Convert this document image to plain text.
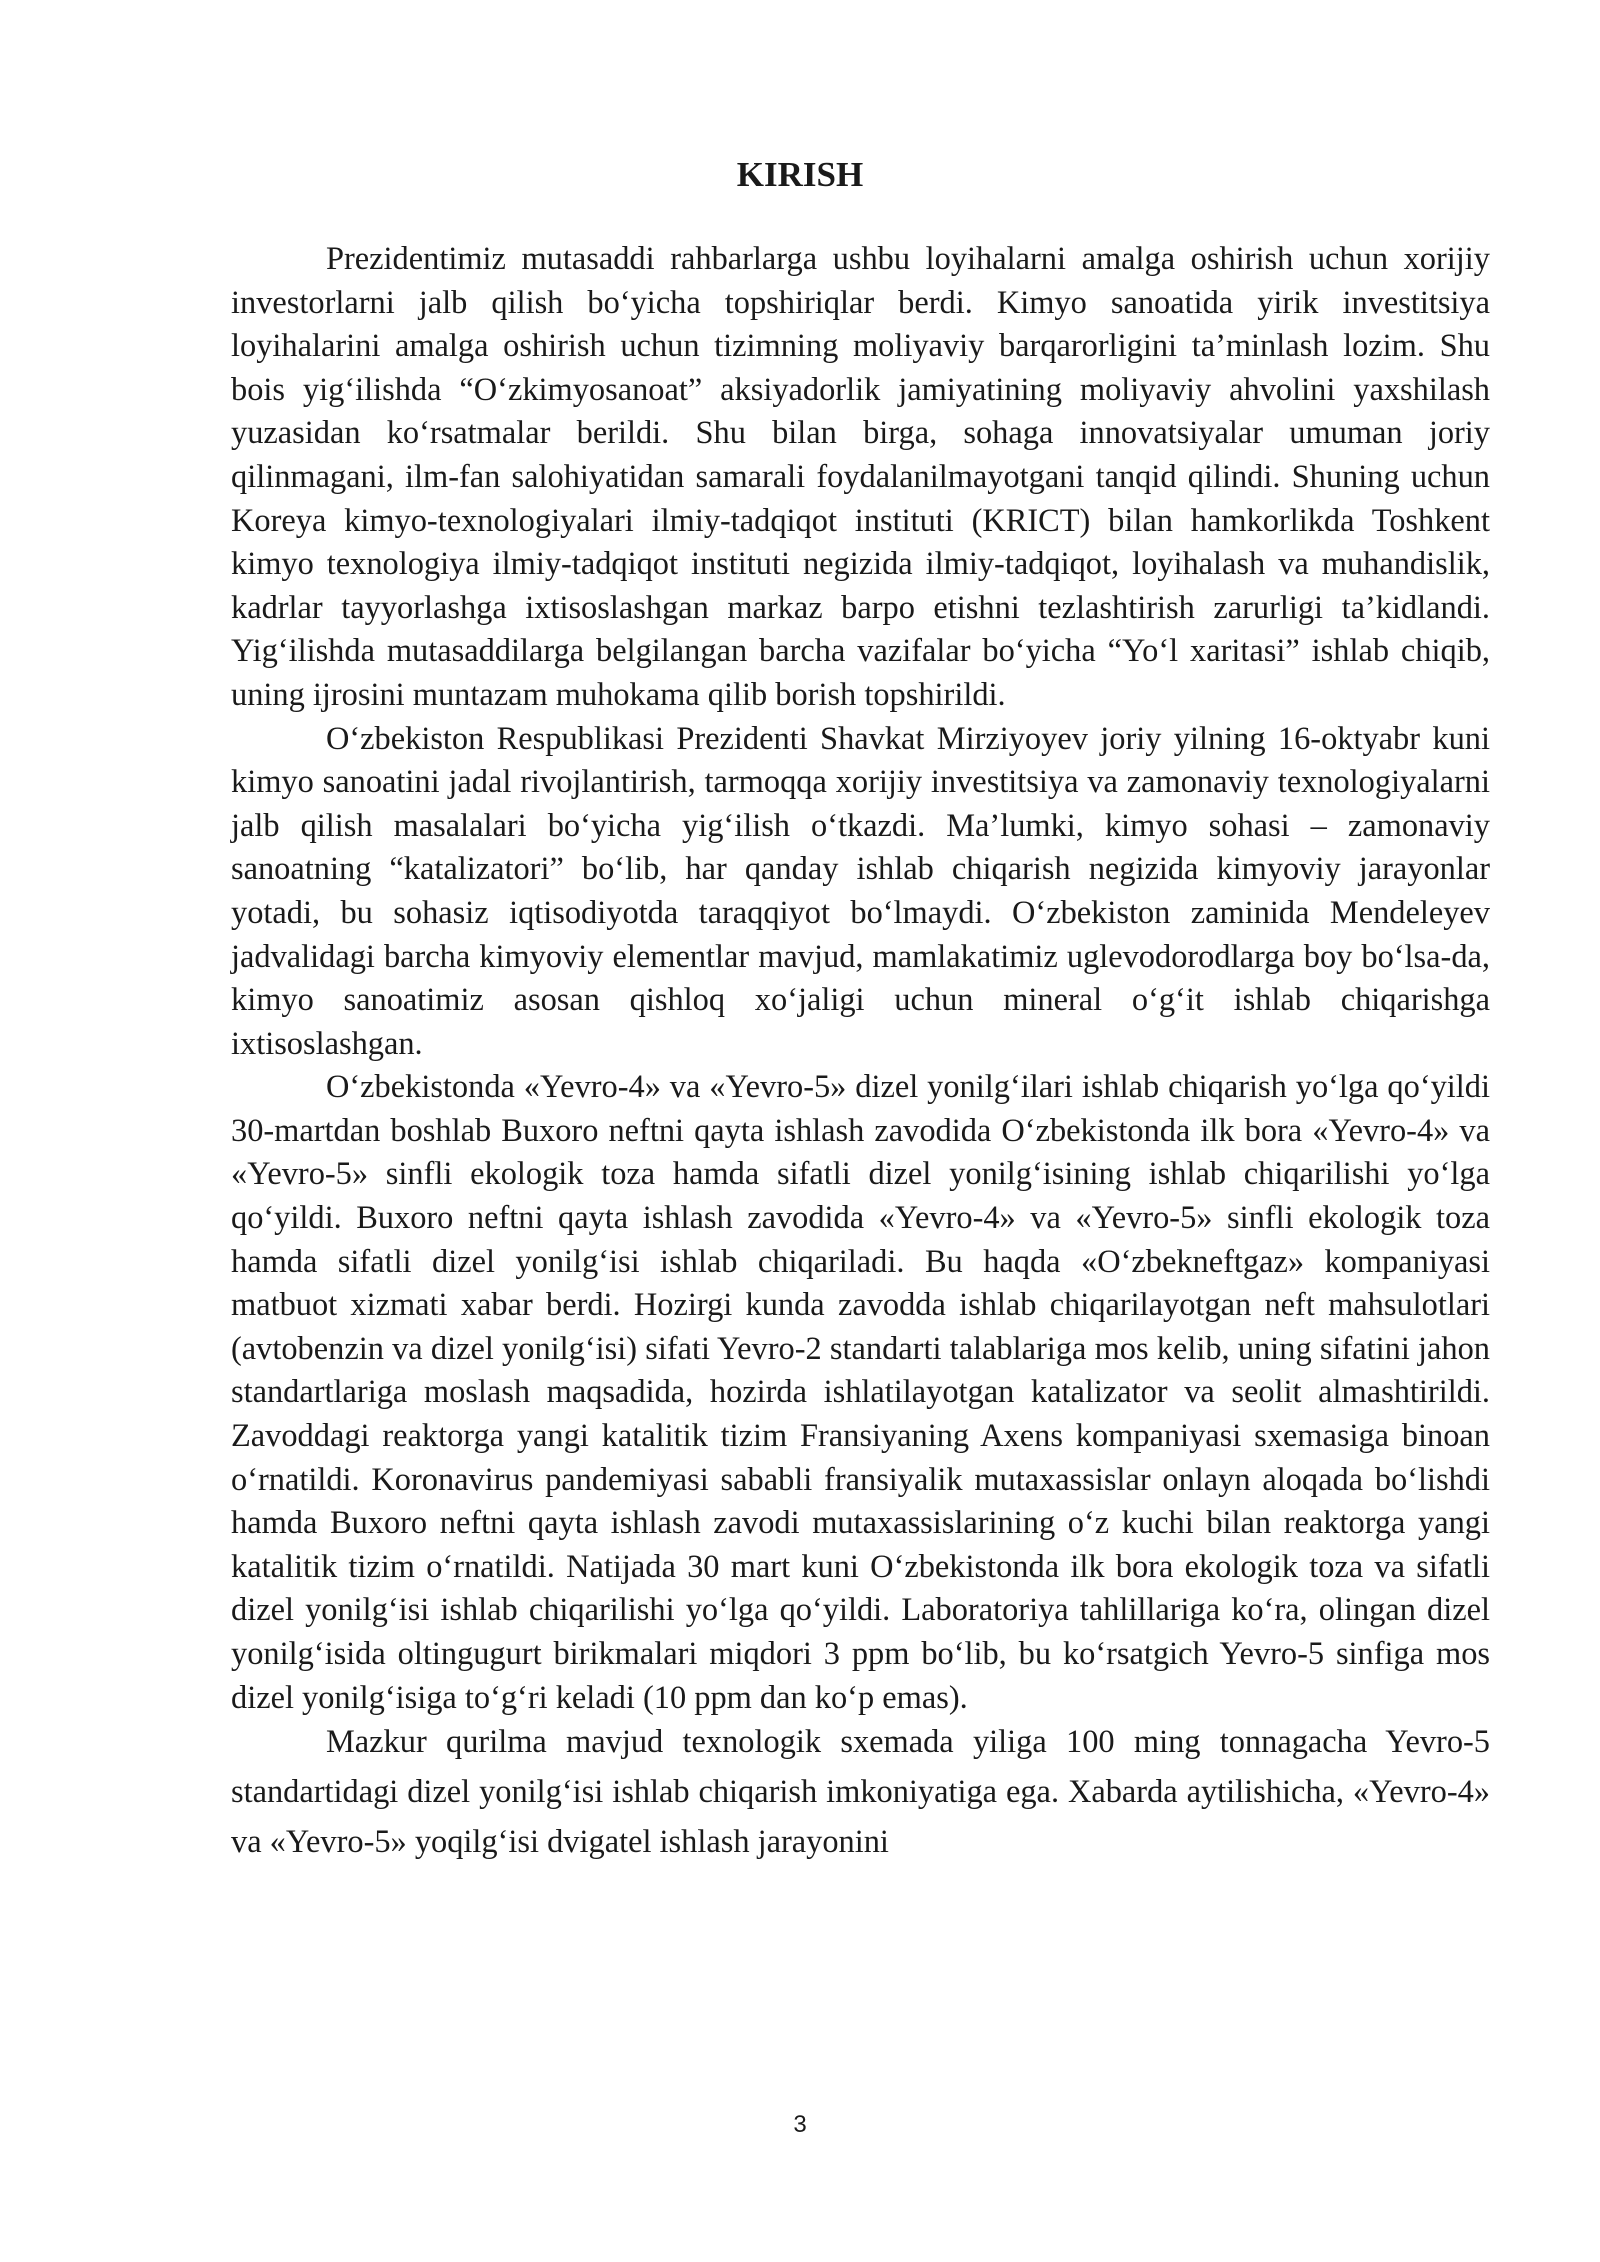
KIRISH

Prezidentimiz mutasaddi rahbarlarga ushbu loyihalarni amalga oshirish uchun xorijiy investorlarni jalb qilish bo‘yicha topshiriqlar berdi. Kimyo sanoatida yirik investitsiya loyihalarini amalga oshirish uchun tizimning moliyaviy barqarorligini ta’minlash lozim. Shu bois yig‘ilishda “O‘zkimyosanoat” aksiyadorlik jamiyatining moliyaviy ahvolini yaxshilash yuzasidan ko‘rsatmalar berildi. Shu bilan birga, sohaga innovatsiyalar umuman joriy qilinmagani, ilm-fan salohiyatidan samarali foydalanilmayotgani tanqid qilindi. Shuning uchun Koreya kimyo-texnologiyalari ilmiy-tadqiqot instituti (KRICT) bilan hamkorlikda Toshkent kimyo texnologiya ilmiy-tadqiqot instituti negizida ilmiy-tadqiqot, loyihalash va muhandislik, kadrlar tayyorlashga ixtisoslashgan markaz barpo etishni tezlashtirish zarurligi ta’kidlandi. Yig‘ilishda mutasaddilarga belgilangan barcha vazifalar bo‘yicha “Yo‘l xaritasi” ishlab chiqib, uning ijrosini muntazam muhokama qilib borish topshirildi.

O‘zbekiston Respublikasi Prezidenti Shavkat Mirziyoyev joriy yilning 16-oktyabr kuni kimyo sanoatini jadal rivojlantirish, tarmoqqa xorijiy investitsiya va zamonaviy texnologiyalarni jalb qilish masalalari bo‘yicha yig‘ilish o‘tkazdi. Ma’lumki, kimyo sohasi – zamonaviy sanoatning “katalizatori” bo‘lib, har qanday ishlab chiqarish negizida kimyoviy jarayonlar yotadi, bu sohasiz iqtisodiyotda taraqqiyot bo‘lmaydi. O‘zbekiston zaminida Mendeleyev jadvalidagi barcha kimyoviy elementlar mavjud, mamlakatimiz uglevodorodlarga boy bo‘lsa-da, kimyo sanoatimiz asosan qishloq xo‘jaligi uchun mineral o‘g‘it ishlab chiqarishga ixtisoslashgan.

O‘zbekistonda «Yevro-4» va «Yevro-5» dizel yonilg‘ilari ishlab chiqarish yo‘lga qo‘yildi 30-martdan boshlab Buxoro neftni qayta ishlash zavodida O‘zbekistonda ilk bora «Yevro-4» va «Yevro-5» sinfli ekologik toza hamda sifatli dizel yonilg‘isining ishlab chiqarilishi yo‘lga qo‘yildi. Buxoro neftni qayta ishlash zavodida «Yevro-4» va «Yevro-5» sinfli ekologik toza hamda sifatli dizel yonilg‘isi ishlab chiqariladi. Bu haqda «O‘zbekneftgaz» kompaniyasi matbuot xizmati xabar berdi. Hozirgi kunda zavodda ishlab chiqarilayotgan neft mahsulotlari (avtobenzin va dizel yonilg‘isi) sifati Yevro-2 standarti talablariga mos kelib, uning sifatini jahon standartlariga moslash maqsadida, hozirda ishlatilayotgan katalizator va seolit almashtirildi. Zavoddagi reaktorga yangi katalitik tizim Fransiyaning Axens kompaniyasi sxemasiga binoan o‘rnatildi. Koronavirus pandemiyasi sababli fransiyalik mutaxassislar onlayn aloqada bo‘lishdi hamda Buxoro neftni qayta ishlash zavodi mutaxassislarining o‘z kuchi bilan reaktorga yangi katalitik tizim o‘rnatildi. Natijada 30 mart kuni O‘zbekistonda ilk bora ekologik toza va sifatli dizel yonilg‘isi ishlab chiqarilishi yo‘lga qo‘yildi. Laboratoriya tahlillariga ko‘ra, olingan dizel yonilg‘isida oltingugurt birikmalari miqdori 3 ppm bo‘lib, bu ko‘rsatgich Yevro-5 sinfiga mos dizel yonilg‘isiga to‘g‘ri keladi (10 ppm dan ko‘p emas).

Mazkur qurilma mavjud texnologik sxemada yiliga 100 ming tonnagacha Yevro-5 standartidagi dizel yonilg‘isi ishlab chiqarish imkoniyatiga ega. Xabarda aytilishicha, «Yevro-4» va «Yevro-5» yoqilg‘isi dvigatel ishlash jarayonini

3
